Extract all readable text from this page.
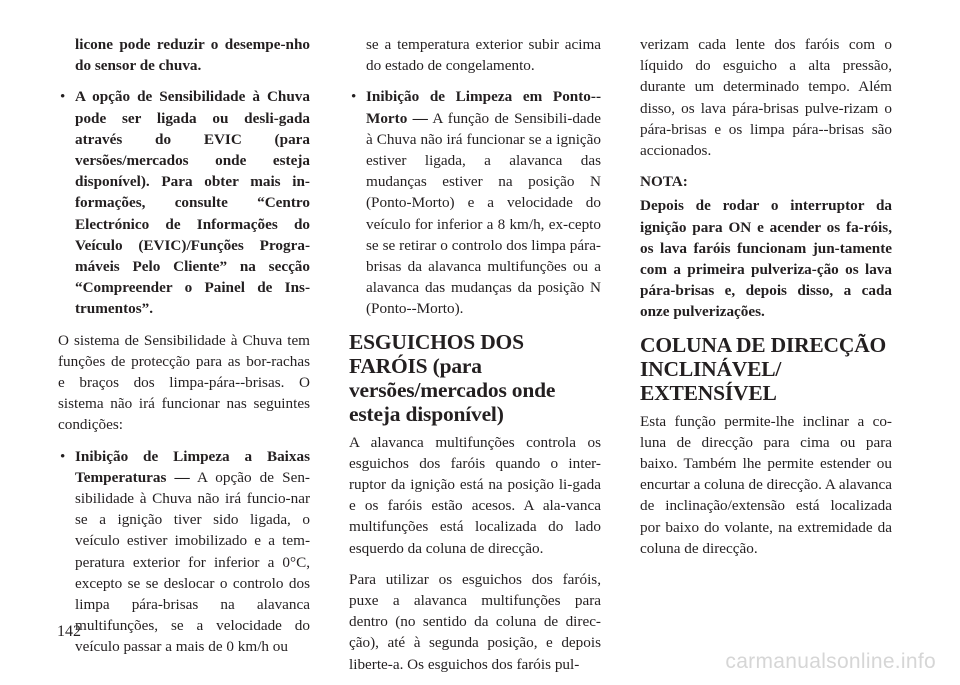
licone pode reduzir o desempe-nho do sensor de chuva.
• A opção de Sensibilidade à Chuva pode ser ligada ou desli-gada através do EVIC (para versões/mercados onde esteja disponível). Para obter mais in-formações, consulte “Centro Electrónico de Informações do Veículo (EVIC)/Funções Progra-máveis Pelo Cliente” na secção “Compreender o Painel de Ins-trumentos”.

O sistema de Sensibilidade à Chuva tem funções de protecção para as bor-rachas e braços dos limpa-pára--brisas. O sistema não irá funcionar nas seguintes condições:

• Inibição de Limpeza a Baixas Temperaturas — A opção de Sen-sibilidade à Chuva não irá funcio-nar se a ignição tiver sido ligada, o veículo estiver imobilizado e a tem-peratura exterior for inferior a 0°C, excepto se se deslocar o controlo dos limpa pára-brisas na alavanca multifunções, se a velocidade do veículo passar a mais de 0 km/h ou
se a temperatura exterior subir acima do estado de congelamento.
• Inibição de Limpeza em Ponto--Morto — A função de Sensibili-dade à Chuva não irá funcionar se a ignição estiver ligada, a alavanca das mudanças estiver na posição N (Ponto-Morto) e a velocidade do veículo for inferior a 8 km/h, ex-cepto se se retirar o controlo dos limpa pára-brisas da alavanca multifunções ou a alavanca das mudanças da posição N (Ponto--Morto).
ESGUICHOS DOS FARÓIS (para versões/mercados onde esteja disponível)

A alavanca multifunções controla os esguichos dos faróis quando o inter-ruptor da ignição está na posição li-gada e os faróis estão acesos. A ala-vanca multifunções está localizada do lado esquerdo da coluna de direcção.

Para utilizar os esguichos dos faróis, puxe a alavanca multifunções para dentro (no sentido da coluna de direc-ção), até à segunda posição, e depois liberte-a. Os esguichos dos faróis pul-

verizam cada lente dos faróis com o líquido do esguicho a alta pressão, durante um determinado tempo. Além disso, os lava pára-brisas pulve-rizam o pára-brisas e os limpa pára--brisas são accionados.

NOTA:

Depois de rodar o interruptor da ignição para ON e acender os fa-róis, os lava faróis funcionam jun-tamente com a primeira pulveriza-ção os lava pára-brisas e, depois disso, a cada onze pulverizações.

COLUNA DE DIRECÇÃO INCLINÁVEL/ EXTENSÍVEL

Esta função permite-lhe inclinar a co-luna de direcção para cima ou para baixo. Também lhe permite estender ou encurtar a coluna de direcção. A alavanca de inclinação/extensão está localizada por baixo do volante, na extremidade da coluna de direcção.

142
carmanualsonline.info
